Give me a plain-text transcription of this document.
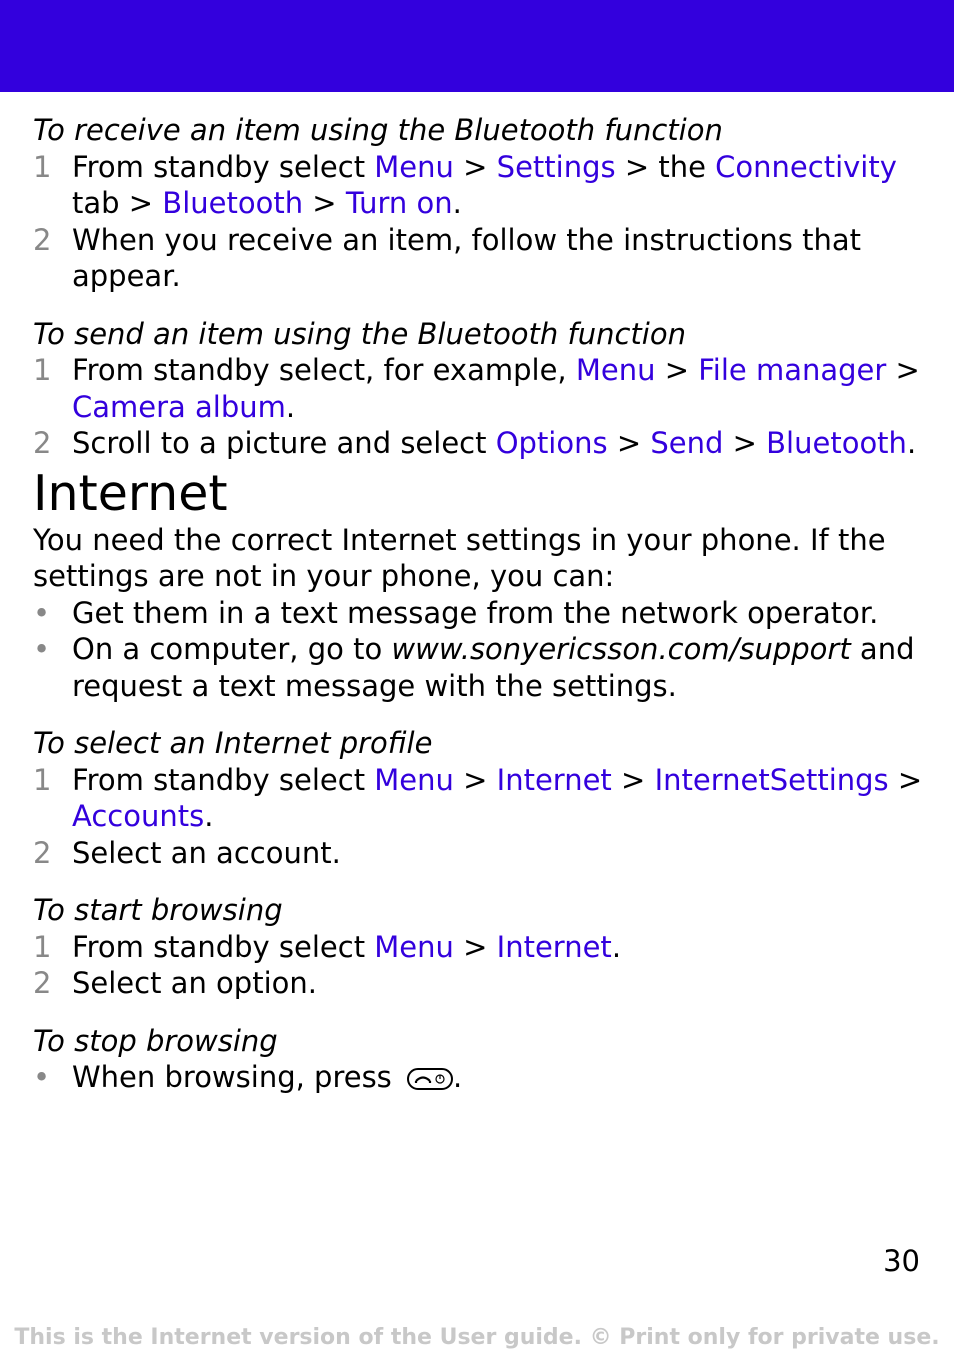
To receive an item using the Bluetooth function

1 From standby select Menu > Settings > the Connectivity tab > Bluetooth > Turn on.

2 When you receive an item, follow the instructions that appear.

To send an item using the Bluetooth function

1 From standby select, for example, Menu > File manager > Camera album.

2 Scroll to a picture and select Options > Send > Bluetooth.

Internet

You need the correct Internet settings in your phone. If the settings are not in your phone, you can:

• Get them in a text message from the network operator.

• On a computer, go to www.sonyericsson.com/support and request a text message with the settings.

To select an Internet profile

1 From standby select Menu > Internet > InternetSettings > Accounts.

2 Select an account.

To start browsing

1 From standby select Menu > Internet.

2 Select an option.

To stop browsing

• When browsing, press
.

30
This is the Internet version of the User guide. © Print only for private use.
